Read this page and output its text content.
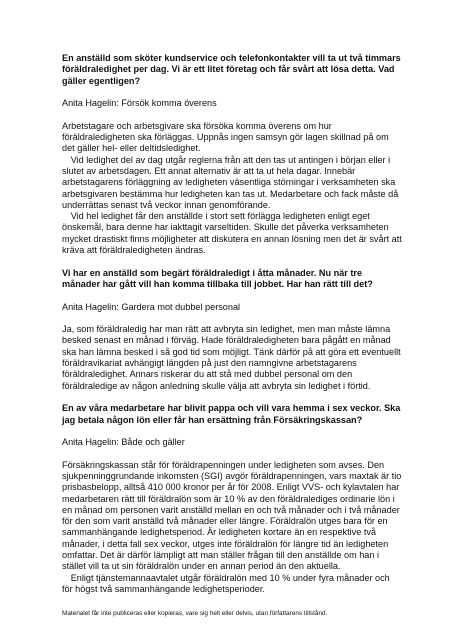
En anställd som sköter kundservice och telefonkontakter vill ta ut två timmars föräldraledighet per dag. Vi är ett litet företag och får svårt att lösa detta. Vad gäller egentligen?
Anita Hagelin: Försök komma överens

Arbetstagare och arbetsgivare ska försöka komma överens om hur föräldraledigheten ska förläggas. Uppnås ingen samsyn gör lagen skillnad på om det gäller hel- eller deltidsledighet.

Vid ledighet del av dag utgår reglerna från att den tas ut antingen i början eller i slutet av arbetsdagen. Ett annat alternativ är att ta ut hela dagar. Innebär arbetstagarens förläggning av ledigheten väsentliga störningar i verksamheten ska arbetsgivaren bestämma hur ledigheten kan tas ut. Medarbetare och fack måste då underrättas senast två veckor innan genomförande.

Vid hel ledighet får den anställde i stort sett förlägga ledigheten enligt eget önskemål, bara denne har iakttagit varseltiden. Skulle det påverka verksamheten mycket drastiskt finns möjligheter att diskutera en annan lösning men det är svårt att kräva att föräldraledigheten ändras.

Vi har en anställd som begärt föräldraledigt i åtta månader. Nu när tre månader har gått vill han komma tillbaka till jobbet. Har han rätt till det?
Anita Hagelin: Gardera mot dubbel personal

Ja, som föräldraledig har man rätt att avbryta sin ledighet, men man måste lämna besked senast en månad i förväg. Hade föräldraledigheten bara pågått en månad ska han lämna besked i så god tid som möjligt. Tänk därför på att göra ett eventuellt föräldravikariat avhängigt längden på just den namngivne arbetstagarens föräldraledighet. Annars riskerar du att stå med dubbel personal om den föräldraledige av någon anledning skulle välja att avbryta sin ledighet i förtid.

En av våra medarbetare har blivit pappa och vill vara hemma i sex veckor. Ska jag betala någon lön eller får han ersättning från Försäkringskassan?
Anita Hagelin: Både och gäller

Försäkringskassan står för föräldrapenningen under ledigheten som avses. Den sjukpenninggrundande inkomsten (SGI) avgör föräldrapenningen, vars maxtak är tio prisbasbelopp, alltså 410 000 kronor per år för 2008. Enligt VVS- och kylavtalen har medarbetaren rätt till föräldralön som är 10 % av den föräldralediges ordinarie lön i en månad om personen varit anställd mellan en och två månader och i två månader för den som varit anställd två månader eller längre. Föräldralön utges bara för en sammanhängande ledighetsperiod. Är ledigheten kortare än en respektive två månader, i detta fall sex veckor, utges inte föräldralön för längre tid än ledigheten omfattar. Det är därför lämpligt att man ställer frågan till den anställde om han i stället vill ta ut sin föräldralön under en annan period än den aktuella.

Enligt tjänstemannaavtalet utgår föräldralön med 10 % under fyra månader och för högst två sammanhängande ledighetsperioder.

Materialet får inte publiceras eller kopieras, vare sig helt eller delvis, utan författarens tillstånd.
